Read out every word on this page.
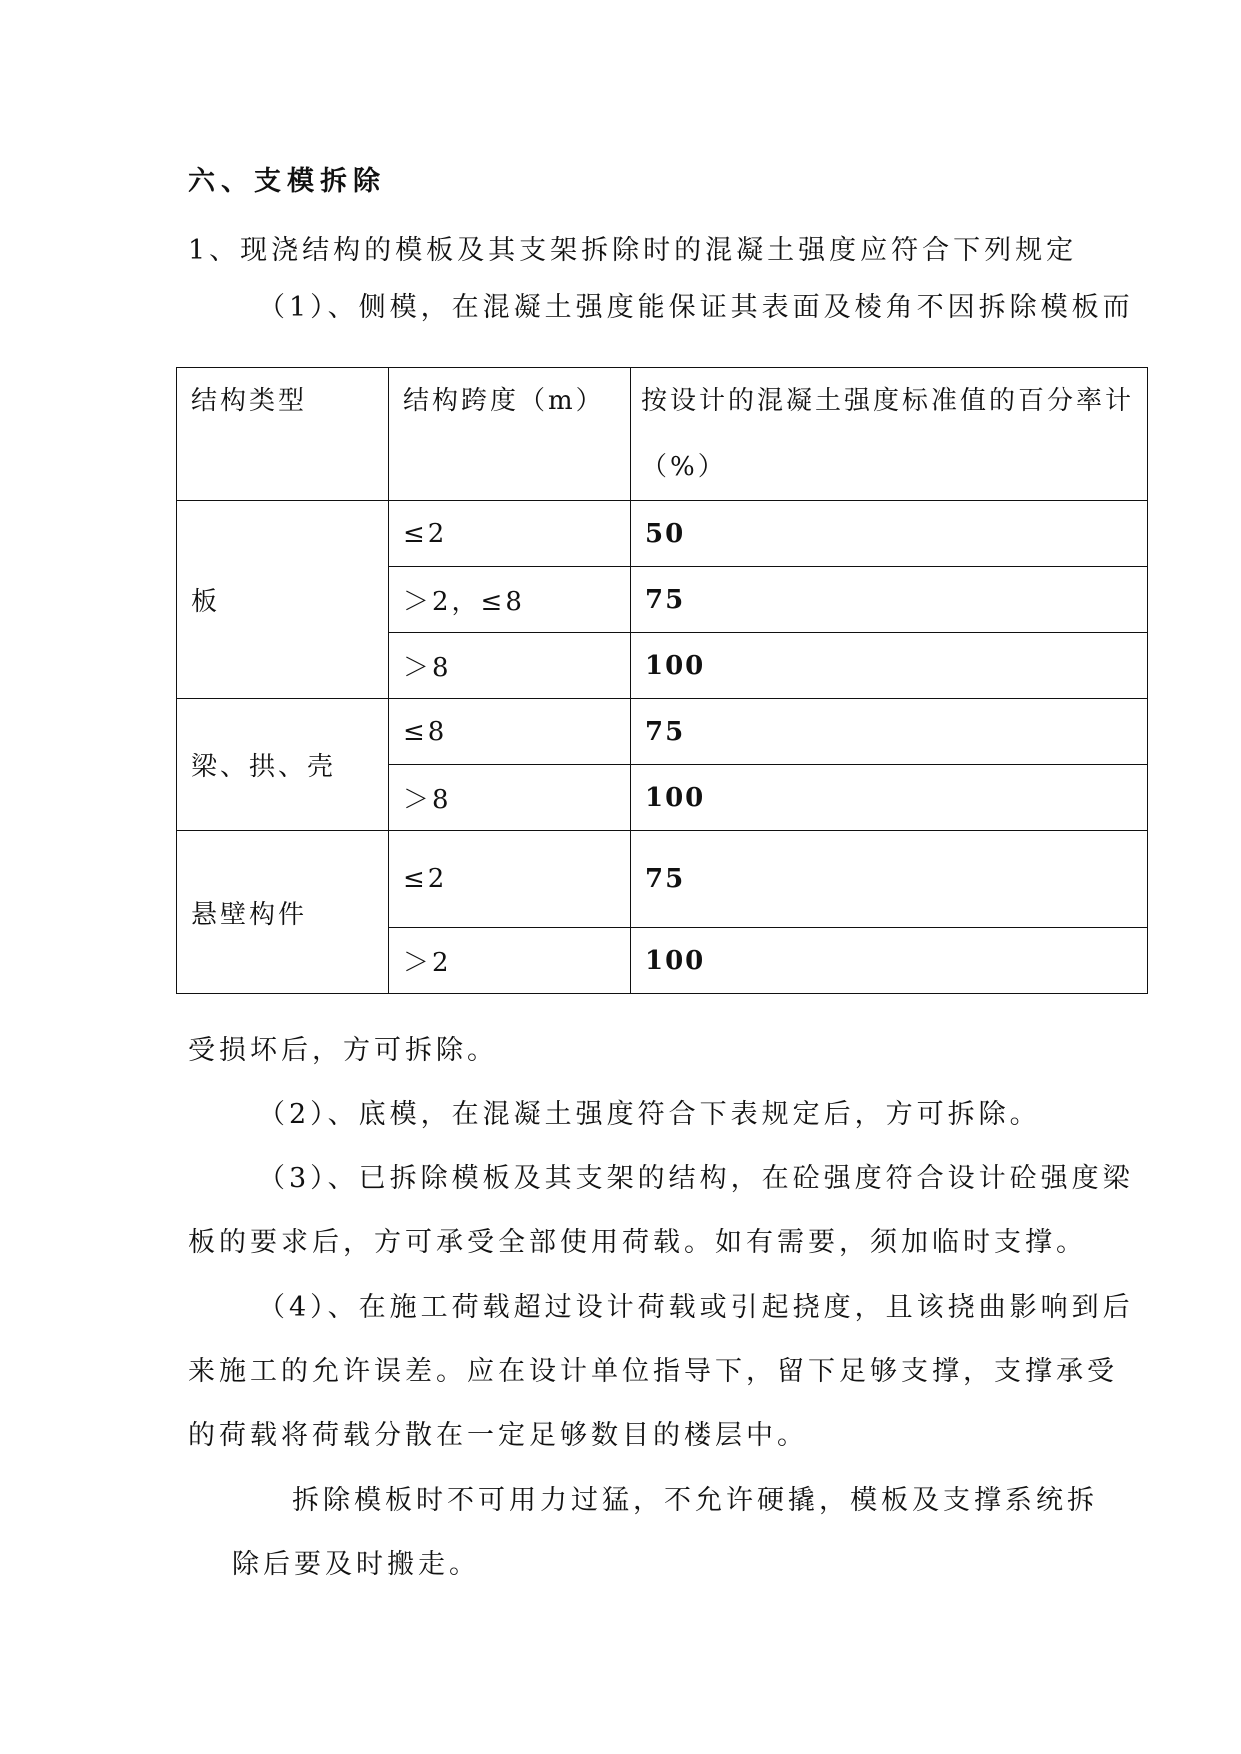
六、支模拆除
1、现浇结构的模板及其支架拆除时的混凝土强度应符合下列规定
（1）、侧模，在混凝土强度能保证其表面及棱角不因拆除模板而
结构类型	结构跨度（m）	按设计的混凝土强度标准值的百分率计
（%）

板	≤2	50
	＞2，≤8	75
	＞8	100
梁、拱、壳	≤8	75
	＞8	100
悬壁构件	≤2	75
	＞2	100
受损坏后，方可拆除。
（2）、底模，在混凝土强度符合下表规定后，方可拆除。
（3）、已拆除模板及其支架的结构，在砼强度符合设计砼强度梁
板的要求后，方可承受全部使用荷载。如有需要，须加临时支撑。
（4）、在施工荷载超过设计荷载或引起挠度，且该挠曲影响到后
来施工的允许误差。应在设计单位指导下，留下足够支撑，支撑承受
的荷载将荷载分散在一定足够数目的楼层中。
拆除模板时不可用力过猛，不允许硬撬，模板及支撑系统拆
除后要及时搬走。
